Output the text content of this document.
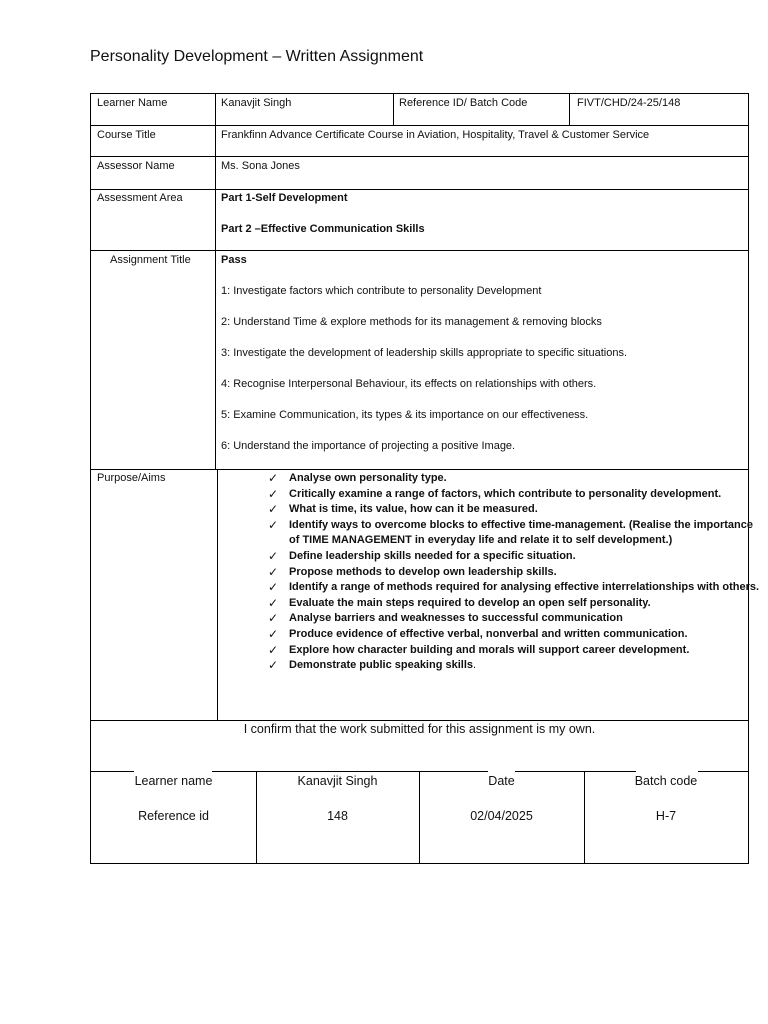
Personality Development – Written Assignment
Learner Name	Kanavjit Singh	Reference ID/ Batch Code	FIVT/CHD/24-25/148
Course Title	Frankfinn Advance Certificate Course in Aviation, Hospitality, Travel & Customer Service
Assessor Name	Ms. Sona Jones
Assessment Area	Part 1-Self Development
Part 2 –Effective Communication Skills
Assignment Title	Pass
1: Investigate factors which contribute to personality Development
2: Understand Time & explore methods for its management & removing blocks
3: Investigate the development of leadership skills appropriate to specific situations.
4: Recognise Interpersonal Behaviour, its effects on relationships with others.
5: Examine Communication, its types & its importance on our effectiveness.
6: Understand the importance of projecting a positive Image.
Purpose/Aims	✓ Analyse own personality type.
✓ Critically examine a range of factors, which contribute to personality development.
✓ What is time, its value, how can it be measured.
✓ Identify ways to overcome blocks to effective time-management. (Realise the importance
of TIME MANAGEMENT in everyday life and relate it to self development.)
✓ Define leadership skills needed for a specific situation.
✓ Propose methods to develop own leadership skills.
✓ Identify a range of methods required for analysing effective interrelationships with others.
✓ Evaluate the main steps required to develop an open self personality.
✓ Analyse barriers and weaknesses to successful communication
✓ Produce evidence of effective verbal, nonverbal and written communication.
✓ Explore how character building and morals will support career development.
✓ Demonstrate public speaking skills.
I confirm that the work submitted for this assignment is my own.
Learner name	Kanavjit Singh	Date	Batch code
Reference id	148	02/04/2025	H-7
